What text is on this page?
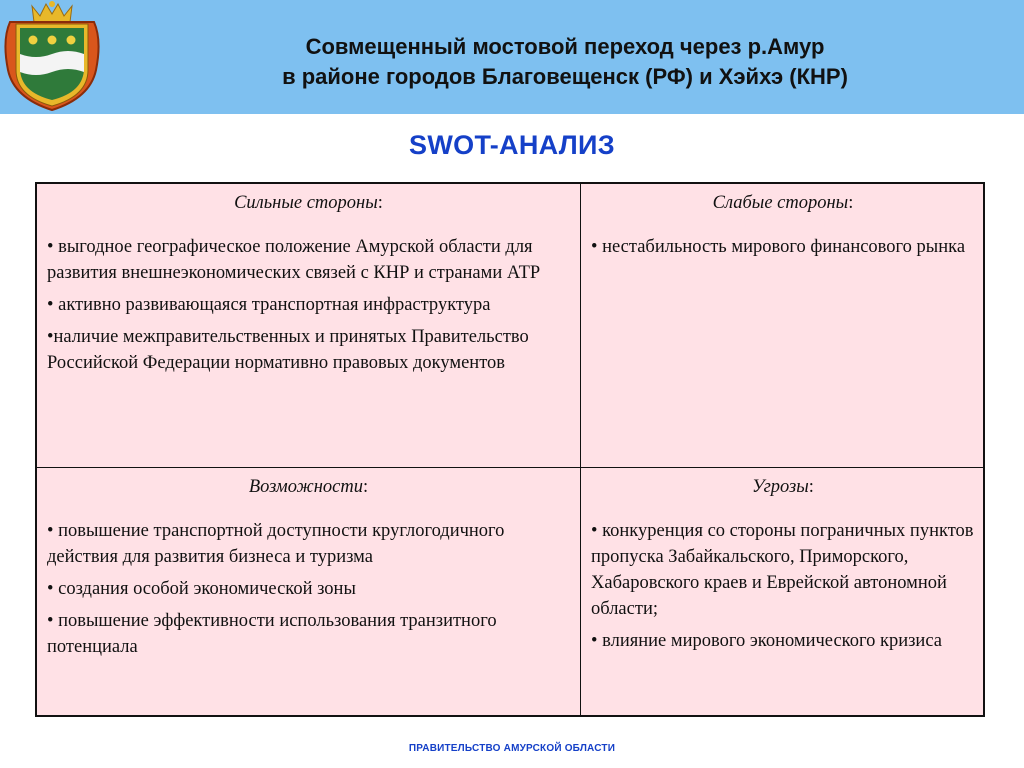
Совмещенный мостовой переход через р.Амур
в районе городов Благовещенск (РФ) и Хэйхэ (КНР)
SWOT-АНАЛИЗ
Сильные стороны:
• выгодное географическое положение Амурской области для развития внешнеэкономических связей с КНР и странами АТР
• активно развивающаяся транспортная инфраструктура
•наличие межправительственных и принятых Правительство Российской Федерации нормативно правовых документов
Слабые стороны:
• нестабильность мирового финансового рынка
Возможности:
• повышение транспортной доступности круглогодичного действия для развития бизнеса и туризма
• создания особой экономической зоны
• повышение эффективности использования транзитного потенциала
Угрозы:
• конкуренция со стороны пограничных пунктов пропуска Забайкальского, Приморского, Хабаровского краев и Еврейской автономной области;
• влияние мирового экономического кризиса
ПРАВИТЕЛЬСТВО АМУРСКОЙ ОБЛАСТИ
